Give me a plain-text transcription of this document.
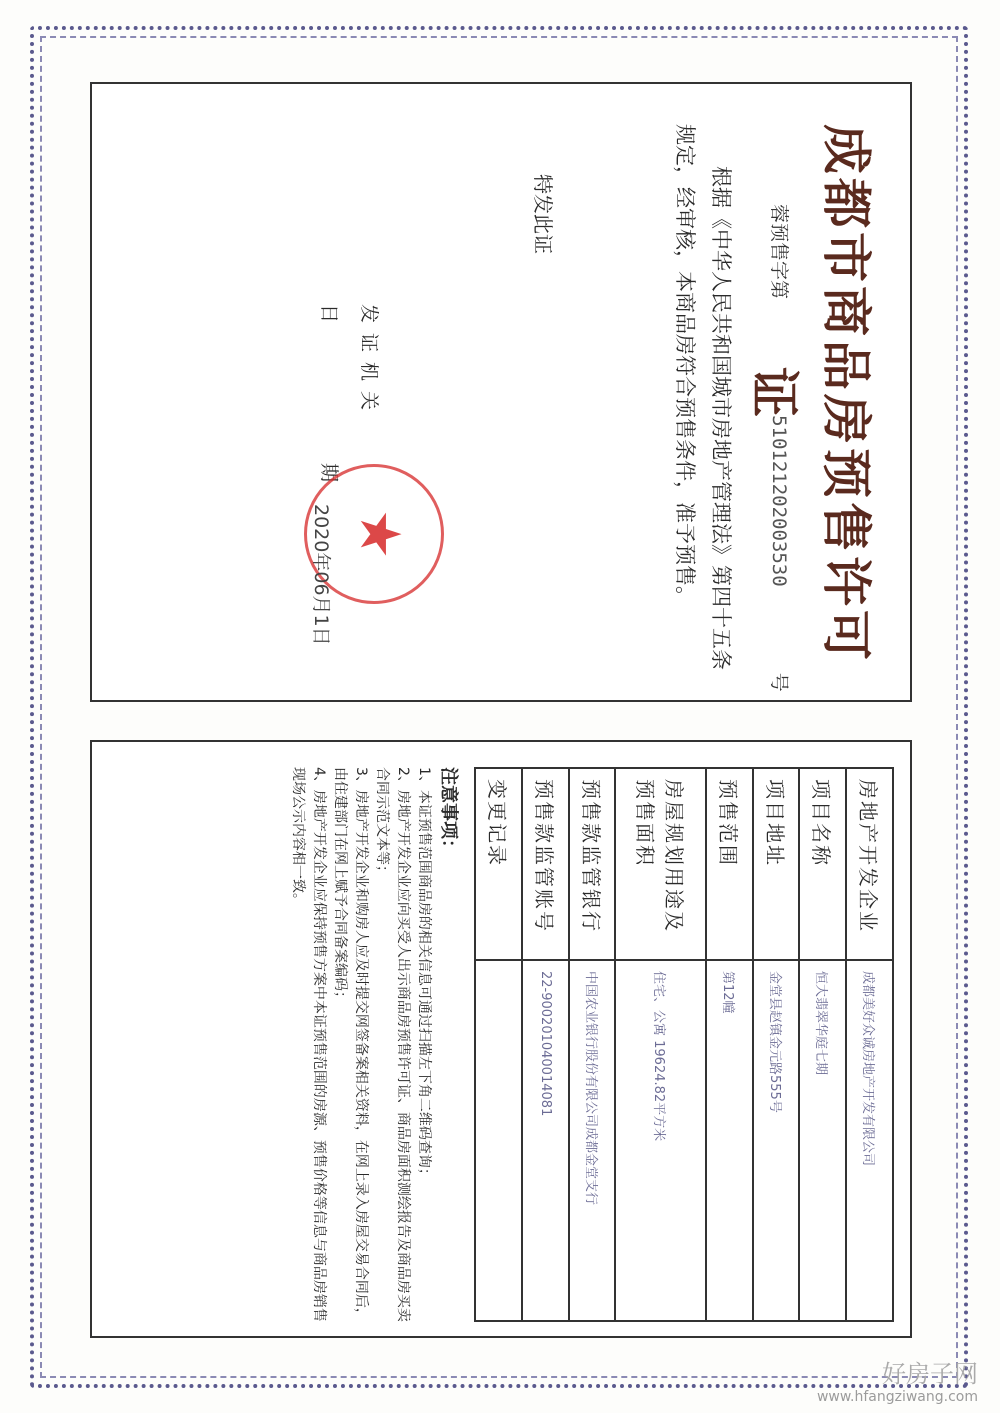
成都市商品房预售许可证
蓉预售字第 510121202003530 号

根据《中华人民共和国城市房地产管理法》第四十五条

规定，经审核，本商品房符合预售条件，准予预售。

特发此证
发证机关
日期
★
2020年06月1日
房地产开发企业	成都美好众诚房地产开发有限公司
项目名称	恒大翡翠华庭七期
项目地址	金堂县赵镇金元路555号
预售范围	第12幢
房屋规划用途及预售面积	住宅、公寓 19624.82平方米
预售款监管银行	中国农业银行股份有限公司成都金堂支行
预售款监管账号	22-900201040014081
变更记录	
注意事项：
1、本证预售范围商品房的相关信息可通过扫描左下角二维码查询；
2、房地产开发企业应向买受人出示商品房预售许可证、商品房面积测绘报告及商品房买卖合同示范文本等；
3、房地产开发企业和购房人应及时提交网签备案相关资料，在网上录入房屋交易合同后，由住建部门在网上赋予合同备案编码；
4、房地产开发企业应保持预售方案中本证预售范围的房源、预售价格等信息与商品房销售现场公示内容相一致。
好房子网
www.hfangziwang.com
